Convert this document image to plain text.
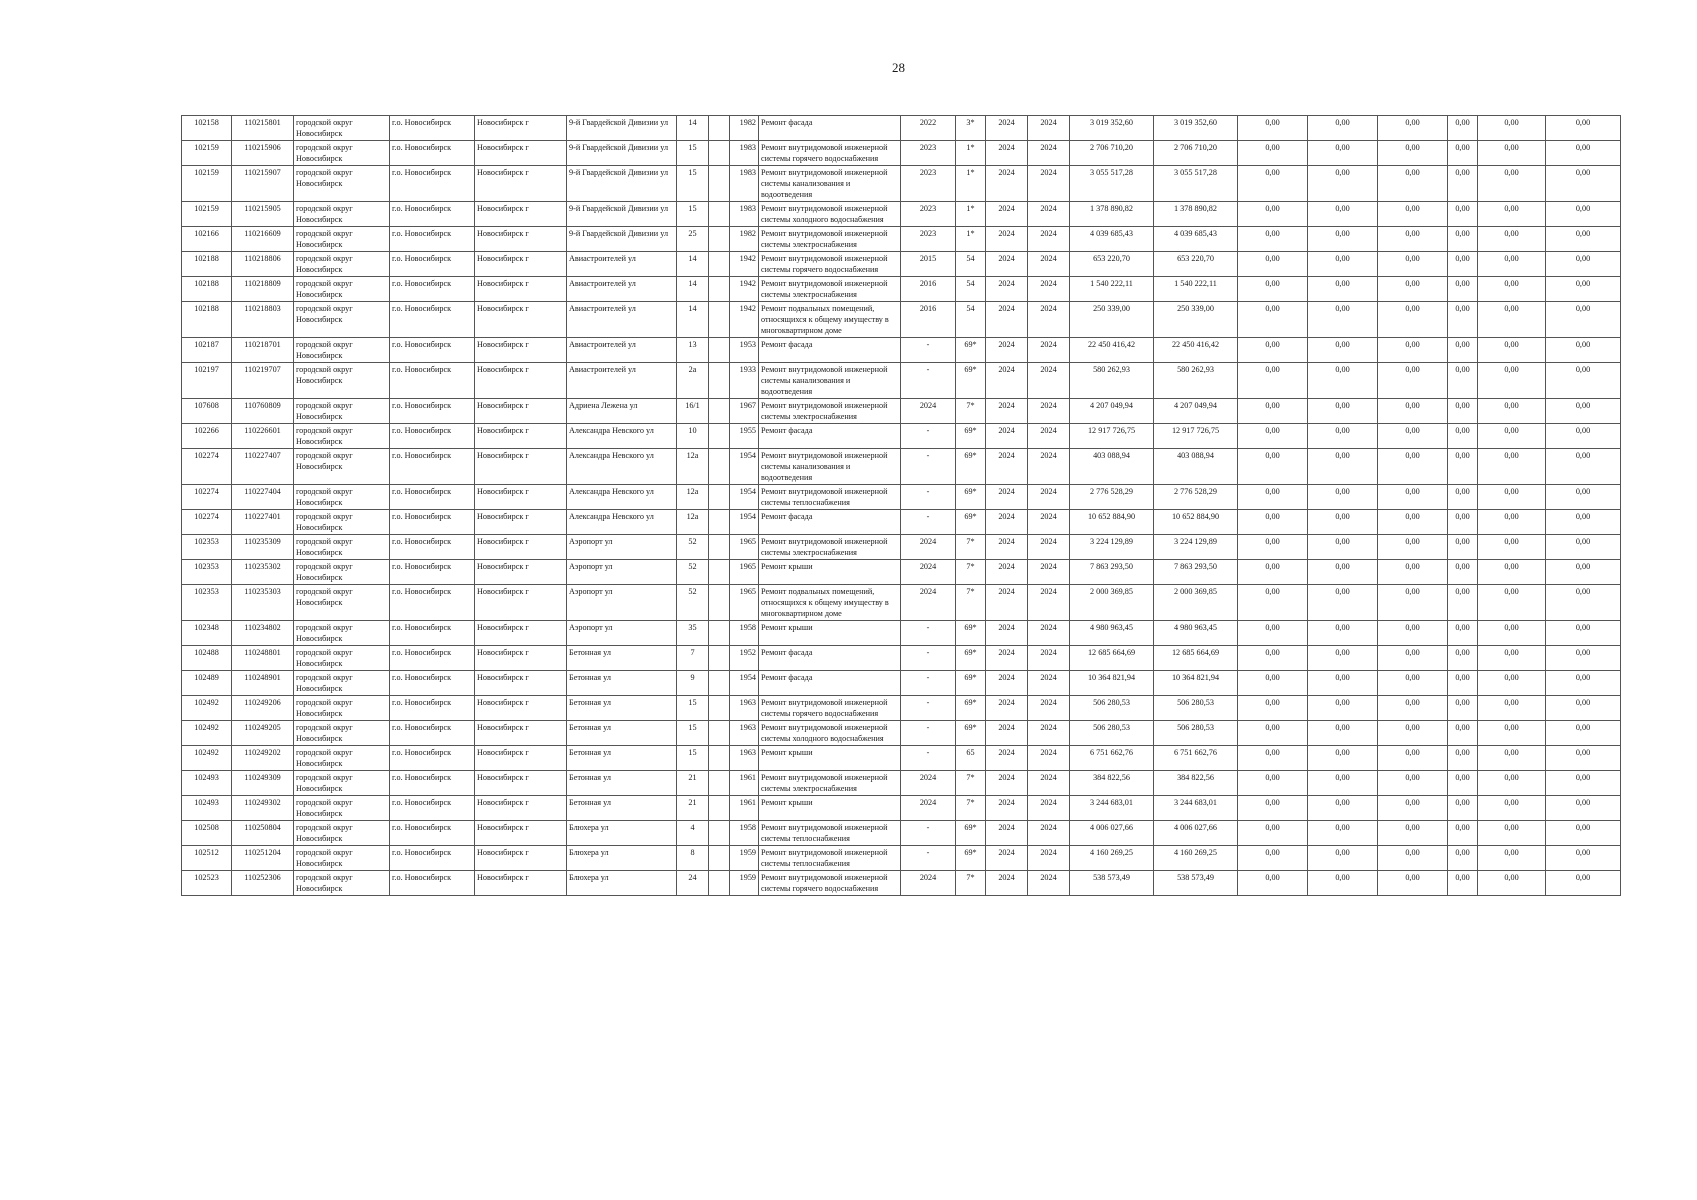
28
102158	110215801	городской округ Новосибирск	г.о. Новосибирск	Новосибирск г	9-й Гвардейской Дивизии ул	14		1982	Ремонт фасада	2022	3*	2024	2024	3 019 352,60	3 019 352,60	0,00	0,00	0,00	0,00	0,00	0,00
102159	110215906	городской округ Новосибирск	г.о. Новосибирск	Новосибирск г	9-й Гвардейской Дивизии ул	15		1983	Ремонт внутридомовой инженерной системы горячего водоснабжения	2023	1*	2024	2024	2 706 710,20	2 706 710,20	0,00	0,00	0,00	0,00	0,00	0,00
102159	110215907	городской округ Новосибирск	г.о. Новосибирск	Новосибирск г	9-й Гвардейской Дивизии ул	15		1983	Ремонт внутридомовой инженерной системы канализования и водоотведения	2023	1*	2024	2024	3 055 517,28	3 055 517,28	0,00	0,00	0,00	0,00	0,00	0,00
102159	110215905	городской округ Новосибирск	г.о. Новосибирск	Новосибирск г	9-й Гвардейской Дивизии ул	15		1983	Ремонт внутридомовой инженерной системы холодного водоснабжения	2023	1*	2024	2024	1 378 890,82	1 378 890,82	0,00	0,00	0,00	0,00	0,00	0,00
102166	110216609	городской округ Новосибирск	г.о. Новосибирск	Новосибирск г	9-й Гвардейской Дивизии ул	25		1982	Ремонт внутридомовой инженерной системы электроснабжения	2023	1*	2024	2024	4 039 685,43	4 039 685,43	0,00	0,00	0,00	0,00	0,00	0,00
102188	110218806	городской округ Новосибирск	г.о. Новосибирск	Новосибирск г	Авиастроителей ул	14		1942	Ремонт внутридомовой инженерной системы горячего водоснабжения	2015	54	2024	2024	653 220,70	653 220,70	0,00	0,00	0,00	0,00	0,00	0,00
102188	110218809	городской округ Новосибирск	г.о. Новосибирск	Новосибирск г	Авиастроителей ул	14		1942	Ремонт внутридомовой инженерной системы электроснабжения	2016	54	2024	2024	1 540 222,11	1 540 222,11	0,00	0,00	0,00	0,00	0,00	0,00
102188	110218803	городской округ Новосибирск	г.о. Новосибирск	Новосибирск г	Авиастроителей ул	14		1942	Ремонт подвальных помещений, относящихся к общему имуществу в многоквартирном доме	2016	54	2024	2024	250 339,00	250 339,00	0,00	0,00	0,00	0,00	0,00	0,00
102187	110218701	городской округ Новосибирск	г.о. Новосибирск	Новосибирск г	Авиастроителей ул	13		1953	Ремонт фасада	-	69*	2024	2024	22 450 416,42	22 450 416,42	0,00	0,00	0,00	0,00	0,00	0,00
102197	110219707	городской округ Новосибирск	г.о. Новосибирск	Новосибирск г	Авиастроителей ул	2а		1933	Ремонт внутридомовой инженерной системы канализования и водоотведения	-	69*	2024	2024	580 262,93	580 262,93	0,00	0,00	0,00	0,00	0,00	0,00
107608	110760809	городской округ Новосибирск	г.о. Новосибирск	Новосибирск г	Адриена Лежена ул	16/1		1967	Ремонт внутридомовой инженерной системы электроснабжения	2024	7*	2024	2024	4 207 049,94	4 207 049,94	0,00	0,00	0,00	0,00	0,00	0,00
102266	110226601	городской округ Новосибирск	г.о. Новосибирск	Новосибирск г	Александра Невского ул	10		1955	Ремонт фасада	-	69*	2024	2024	12 917 726,75	12 917 726,75	0,00	0,00	0,00	0,00	0,00	0,00
102274	110227407	городской округ Новосибирск	г.о. Новосибирск	Новосибирск г	Александра Невского ул	12а		1954	Ремонт внутридомовой инженерной системы канализования и водоотведения	-	69*	2024	2024	403 088,94	403 088,94	0,00	0,00	0,00	0,00	0,00	0,00
102274	110227404	городской округ Новосибирск	г.о. Новосибирск	Новосибирск г	Александра Невского ул	12а		1954	Ремонт внутридомовой инженерной системы теплоснабжения	-	69*	2024	2024	2 776 528,29	2 776 528,29	0,00	0,00	0,00	0,00	0,00	0,00
102274	110227401	городской округ Новосибирск	г.о. Новосибирск	Новосибирск г	Александра Невского ул	12а		1954	Ремонт фасада	-	69*	2024	2024	10 652 884,90	10 652 884,90	0,00	0,00	0,00	0,00	0,00	0,00
102353	110235309	городской округ Новосибирск	г.о. Новосибирск	Новосибирск г	Аэропорт ул	52		1965	Ремонт внутридомовой инженерной системы электроснабжения	2024	7*	2024	2024	3 224 129,89	3 224 129,89	0,00	0,00	0,00	0,00	0,00	0,00
102353	110235302	городской округ Новосибирск	г.о. Новосибирск	Новосибирск г	Аэропорт ул	52		1965	Ремонт крыши	2024	7*	2024	2024	7 863 293,50	7 863 293,50	0,00	0,00	0,00	0,00	0,00	0,00
102353	110235303	городской округ Новосибирск	г.о. Новосибирск	Новосибирск г	Аэропорт ул	52		1965	Ремонт подвальных помещений, относящихся к общему имуществу в многоквартирном доме	2024	7*	2024	2024	2 000 369,85	2 000 369,85	0,00	0,00	0,00	0,00	0,00	0,00
102348	110234802	городской округ Новосибирск	г.о. Новосибирск	Новосибирск г	Аэропорт ул	35		1958	Ремонт крыши	-	69*	2024	2024	4 980 963,45	4 980 963,45	0,00	0,00	0,00	0,00	0,00	0,00
102488	110248801	городской округ Новосибирск	г.о. Новосибирск	Новосибирск г	Бетонная ул	7		1952	Ремонт фасада	-	69*	2024	2024	12 685 664,69	12 685 664,69	0,00	0,00	0,00	0,00	0,00	0,00
102489	110248901	городской округ Новосибирск	г.о. Новосибирск	Новосибирск г	Бетонная ул	9		1954	Ремонт фасада	-	69*	2024	2024	10 364 821,94	10 364 821,94	0,00	0,00	0,00	0,00	0,00	0,00
102492	110249206	городской округ Новосибирск	г.о. Новосибирск	Новосибирск г	Бетонная ул	15		1963	Ремонт внутридомовой инженерной системы горячего водоснабжения	-	69*	2024	2024	506 280,53	506 280,53	0,00	0,00	0,00	0,00	0,00	0,00
102492	110249205	городской округ Новосибирск	г.о. Новосибирск	Новосибирск г	Бетонная ул	15		1963	Ремонт внутридомовой инженерной системы холодного водоснабжения	-	69*	2024	2024	506 280,53	506 280,53	0,00	0,00	0,00	0,00	0,00	0,00
102492	110249202	городской округ Новосибирск	г.о. Новосибирск	Новосибирск г	Бетонная ул	15		1963	Ремонт крыши	-	65	2024	2024	6 751 662,76	6 751 662,76	0,00	0,00	0,00	0,00	0,00	0,00
102493	110249309	городской округ Новосибирск	г.о. Новосибирск	Новосибирск г	Бетонная ул	21		1961	Ремонт внутридомовой инженерной системы электроснабжения	2024	7*	2024	2024	384 822,56	384 822,56	0,00	0,00	0,00	0,00	0,00	0,00
102493	110249302	городской округ Новосибирск	г.о. Новосибирск	Новосибирск г	Бетонная ул	21		1961	Ремонт крыши	2024	7*	2024	2024	3 244 683,01	3 244 683,01	0,00	0,00	0,00	0,00	0,00	0,00
102508	110250804	городской округ Новосибирск	г.о. Новосибирск	Новосибирск г	Блюхера ул	4		1958	Ремонт внутридомовой инженерной системы теплоснабжения	-	69*	2024	2024	4 006 027,66	4 006 027,66	0,00	0,00	0,00	0,00	0,00	0,00
102512	110251204	городской округ Новосибирск	г.о. Новосибирск	Новосибирск г	Блюхера ул	8		1959	Ремонт внутридомовой инженерной системы теплоснабжения	-	69*	2024	2024	4 160 269,25	4 160 269,25	0,00	0,00	0,00	0,00	0,00	0,00
102523	110252306	городской округ Новосибирск	г.о. Новосибирск	Новосибирск г	Блюхера ул	24		1959	Ремонт внутридомовой инженерной системы горячего водоснабжения	2024	7*	2024	2024	538 573,49	538 573,49	0,00	0,00	0,00	0,00	0,00	0,00
